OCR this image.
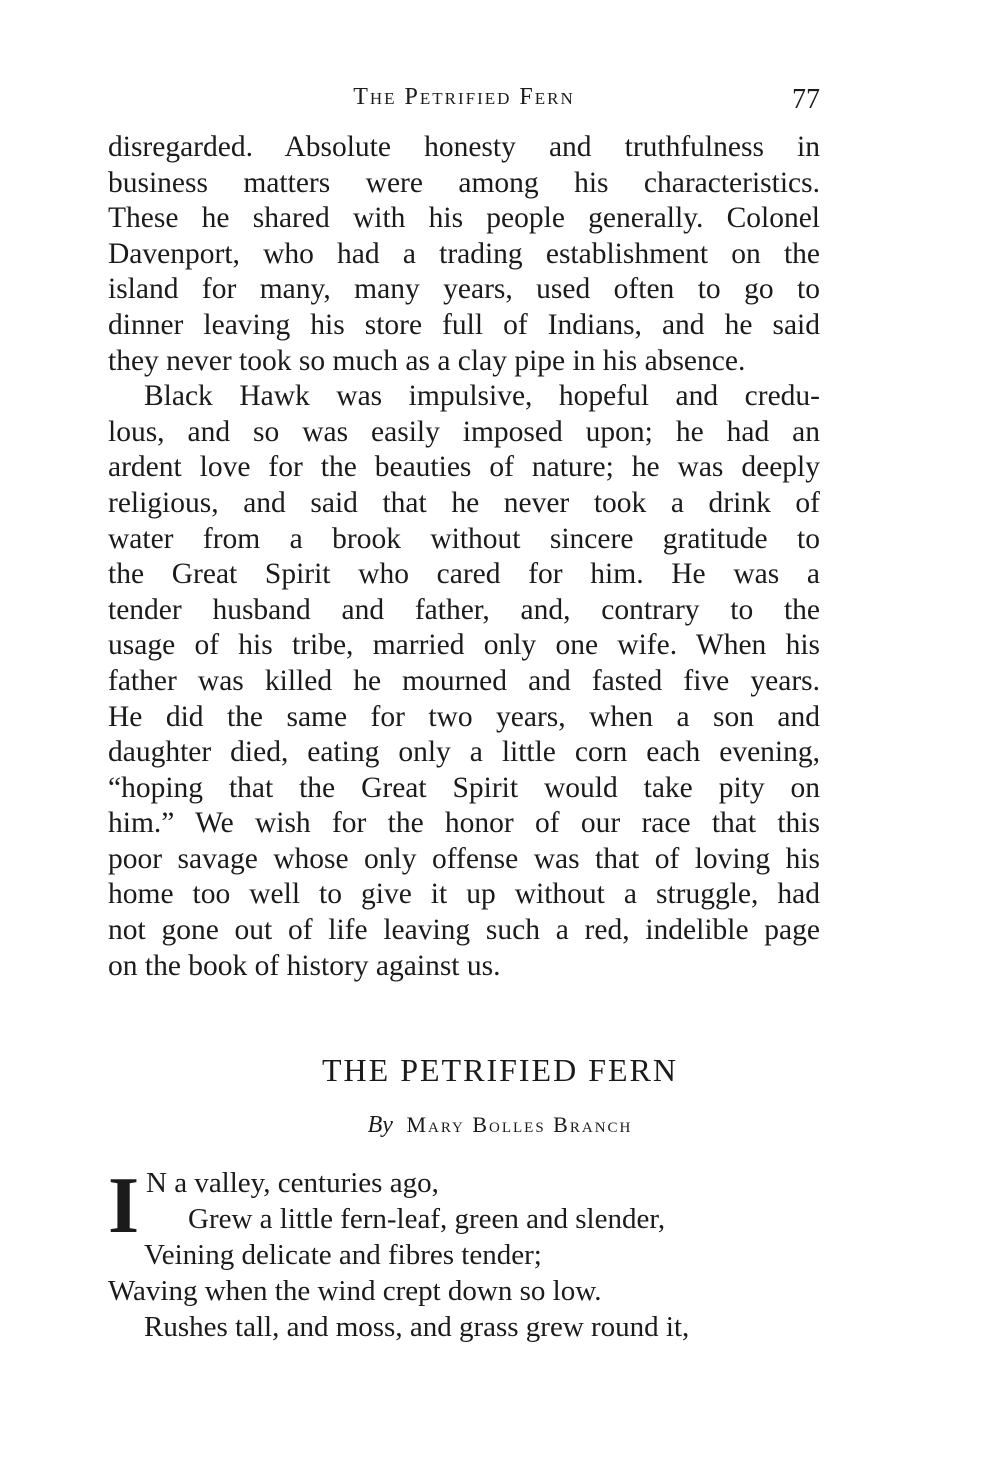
The Petrified Fern	77
disregarded. Absolute honesty and truthfulness in
business matters were among his characteristics.
These he shared with his people generally. Colonel
Davenport, who had a trading establishment on the
island for many, many years, used often to go to
dinner leaving his store full of Indians, and he said
they never took so much as a clay pipe in his absence.
Black Hawk was impulsive, hopeful and credu-
lous, and so was easily imposed upon; he had an
ardent love for the beauties of nature; he was deeply
religious, and said that he never took a drink of
water from a brook without sincere gratitude to
the Great Spirit who cared for him. He was a
tender husband and father, and, contrary to the
usage of his tribe, married only one wife. When his
father was killed he mourned and fasted five years.
He did the same for two years, when a son and
daughter died, eating only a little corn each evening,
“hoping that the Great Spirit would take pity on
him.” We wish for the honor of our race that this
poor savage whose only offense was that of loving his
home too well to give it up without a struggle, had
not gone out of life leaving such a red, indelible page
on the book of history against us.
THE PETRIFIED FERN
By Mary Bolles Branch
I N a valley, centuries ago,
Grew a little fern-leaf, green and slender,
Veining delicate and fibres tender;
Waving when the wind crept down so low.
Rushes tall, and moss, and grass grew round it,
